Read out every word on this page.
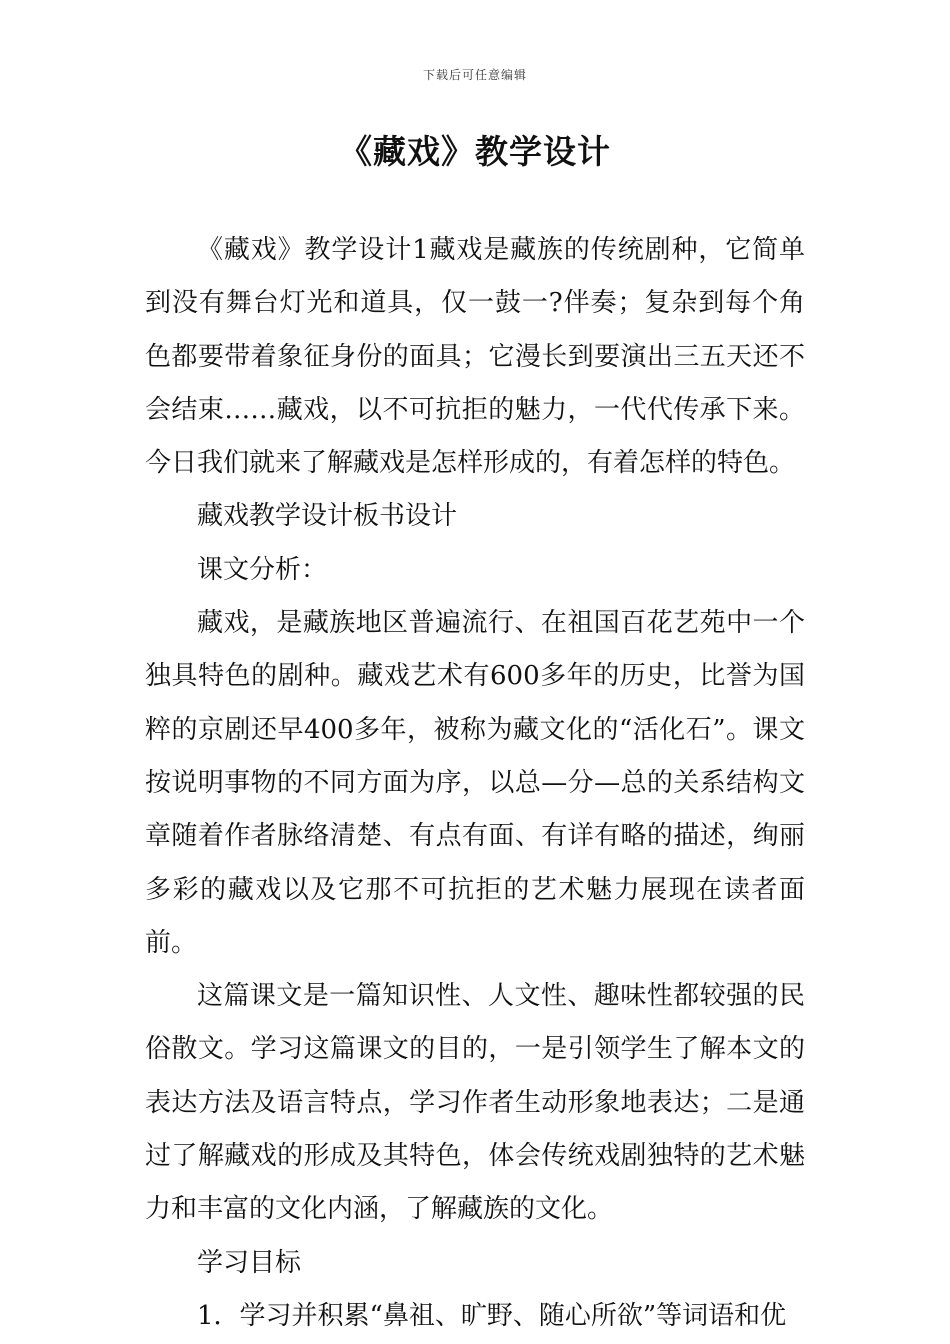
下载后可任意编辑
《藏戏》教学设计

《藏戏》教学设计1藏戏是藏族的传统剧种，它简单到没有舞台灯光和道具，仅一鼓一?伴奏；复杂到每个角色都要带着象征身份的面具；它漫长到要演出三五天还不会结束……藏戏，以不可抗拒的魅力，一代代传承下来。今日我们就来了解藏戏是怎样形成的，有着怎样的特色。

藏戏教学设计板书设计

课文分析：

藏戏，是藏族地区普遍流行、在祖国百花艺苑中一个独具特色的剧种。藏戏艺术有600多年的历史，比誉为国粹的京剧还早400多年，被称为藏文化的“活化石”。课文按说明事物的不同方面为序，以总—分—总的关系结构文章随着作者脉络清楚、有点有面、有详有略的描述，绚丽多彩的藏戏以及它那不可抗拒的艺术魅力展现在读者面前。

这篇课文是一篇知识性、人文性、趣味性都较强的民俗散文。学习这篇课文的目的，一是引领学生了解本文的表达方法及语言特点，学习作者生动形象地表达；二是通过了解藏戏的形成及其特色，体会传统戏剧独特的艺术魅力和丰富的文化内涵，了解藏族的文化。

学习目标

1．学习并积累“鼻祖、旷野、随心所欲”等词语和优
